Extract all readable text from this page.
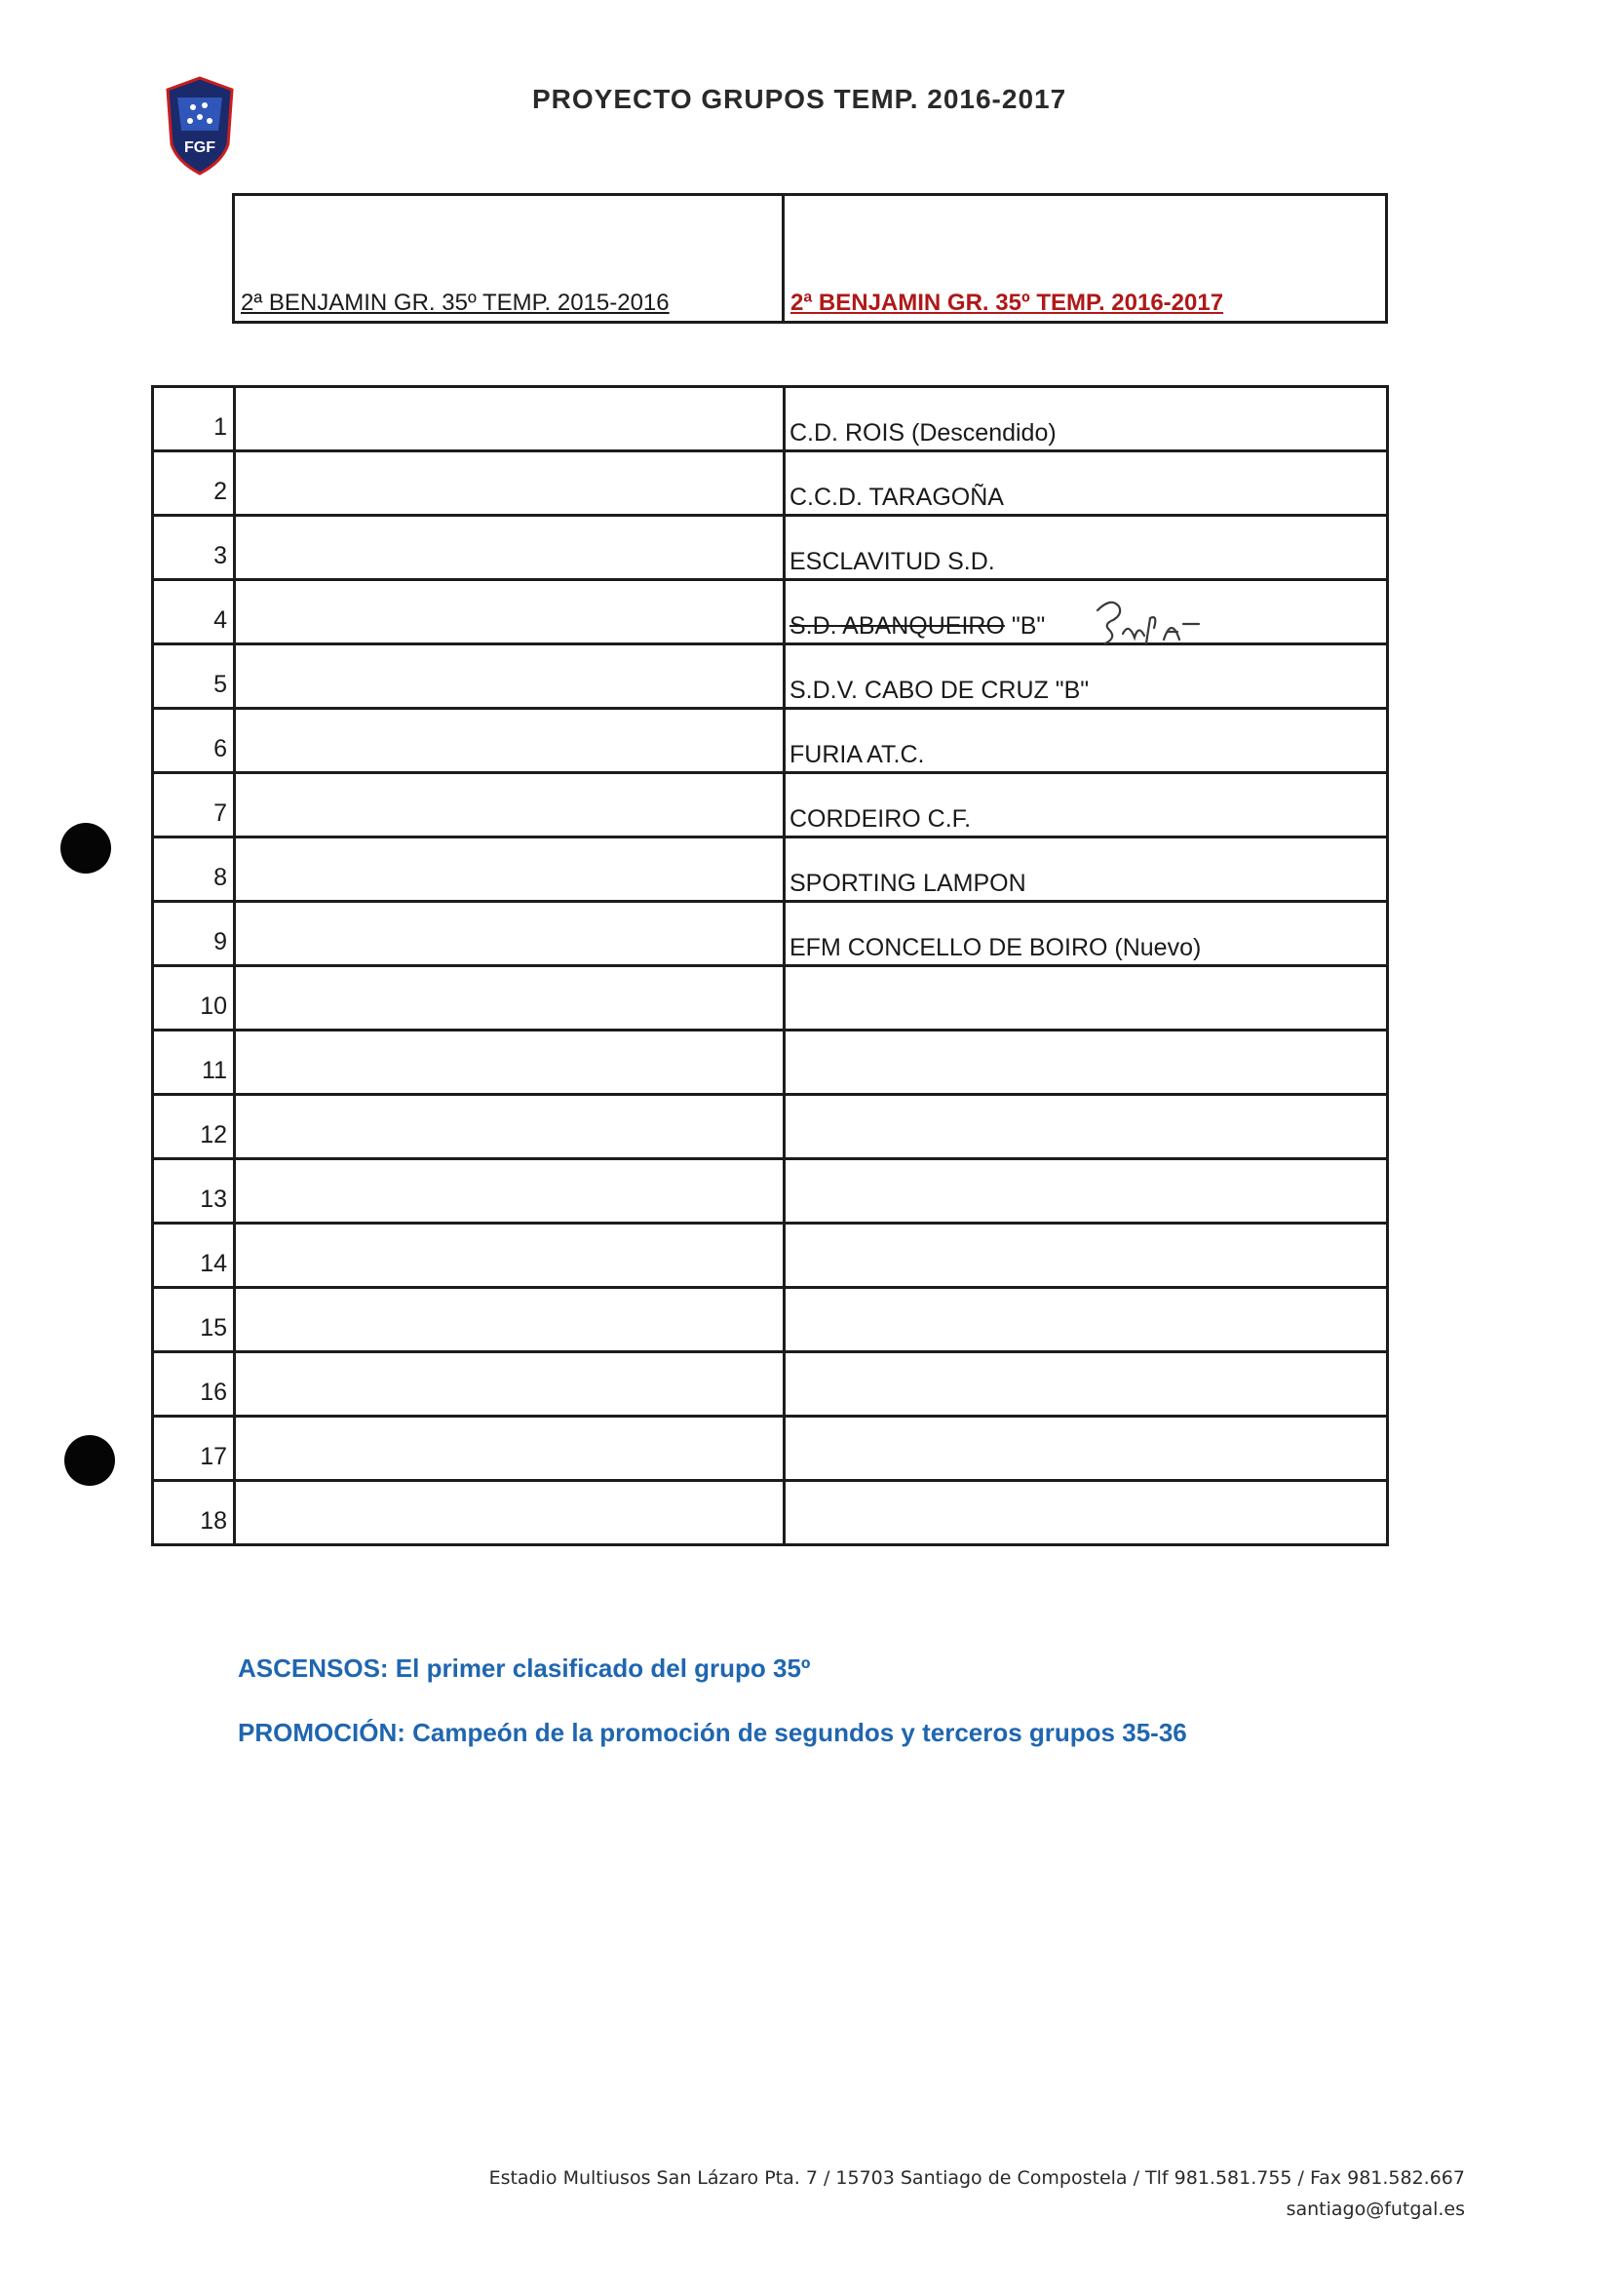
FGF
PROYECTO GRUPOS TEMP. 2016-2017
2ª BENJAMIN GR. 35º TEMP. 2015-2016	2ª BENJAMIN GR. 35º TEMP. 2016-2017
1		C.D. ROIS (Descendido)
2		C.C.D. TARAGOÑA
3		ESCLAVITUD S.D.
4		S.D. ABANQUEIRO "B"
5		S.D.V. CABO DE CRUZ "B"
6		FURIA AT.C.
7		CORDEIRO C.F.
8		SPORTING LAMPON
9		EFM CONCELLO DE BOIRO (Nuevo)
10		
11		
12		
13		
14		
15		
16		
17		
18		
ASCENSOS: El primer clasificado del grupo 35º
PROMOCIÓN: Campeón de la promoción de segundos y terceros grupos 35-36
Estadio Multiusos San Lázaro Pta. 7 / 15703 Santiago de Compostela / Tlf 981.581.755 / Fax 981.582.667
santiago@futgal.es
